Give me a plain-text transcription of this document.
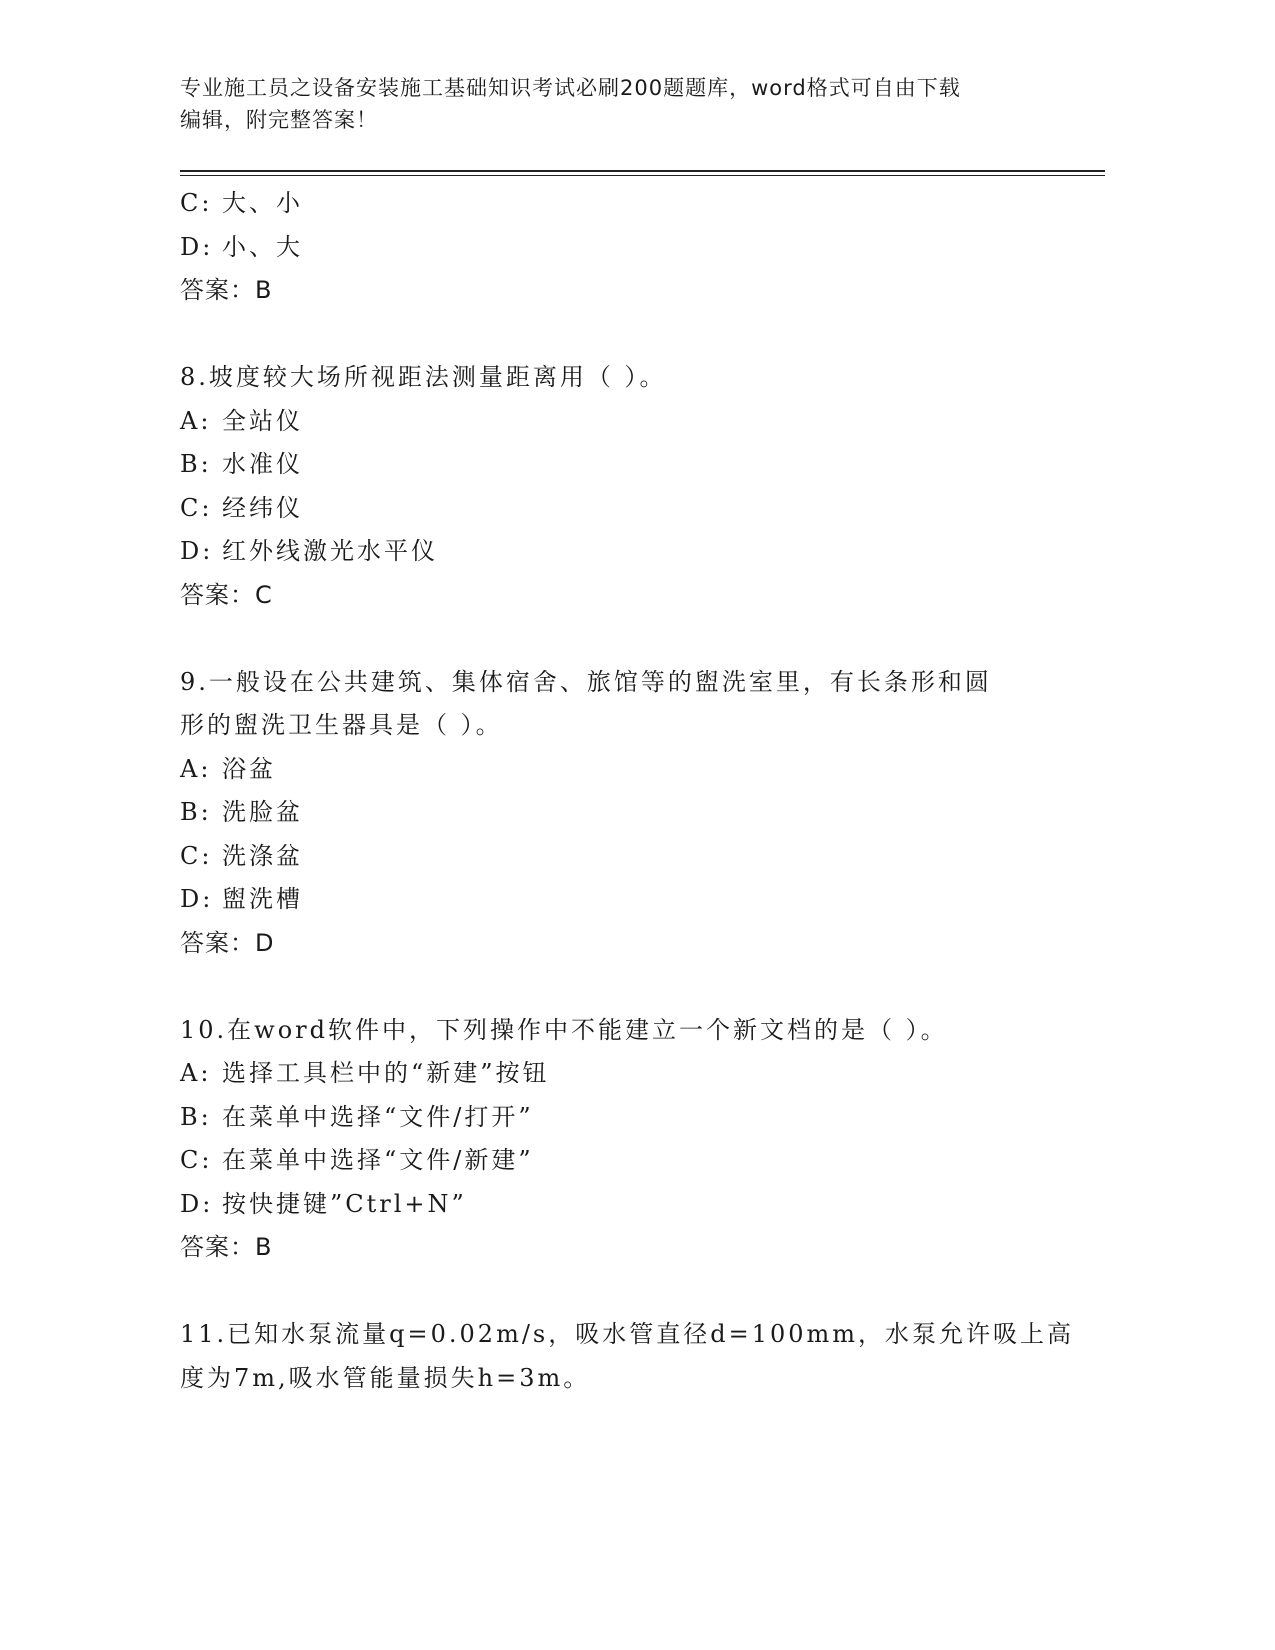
专业施工员之设备安装施工基础知识考试必刷200题题库，word格式可自由下载
编辑，附完整答案！
C: 大、小
D: 小、大
答案：B
8.坡度较大场所视距法测量距离用（ ）。
A: 全站仪
B: 水准仪
C: 经纬仪
D: 红外线激光水平仪
答案：C
9.一般设在公共建筑、集体宿舍、旅馆等的盥洗室里，有长条形和圆
形的盥洗卫生器具是（ ）。
A: 浴盆
B: 洗脸盆
C: 洗涤盆
D: 盥洗槽
答案：D
10.在word软件中，下列操作中不能建立一个新文档的是（ ）。
A: 选择工具栏中的“新建”按钮
B: 在菜单中选择“文件/打开”
C: 在菜单中选择“文件/新建”
D: 按快捷键”Ctrl+N”
答案：B
11.已知水泵流量q=0.02m/s，吸水管直径d=100mm，水泵允许吸上高
度为7m,吸水管能量损失h=3m。
